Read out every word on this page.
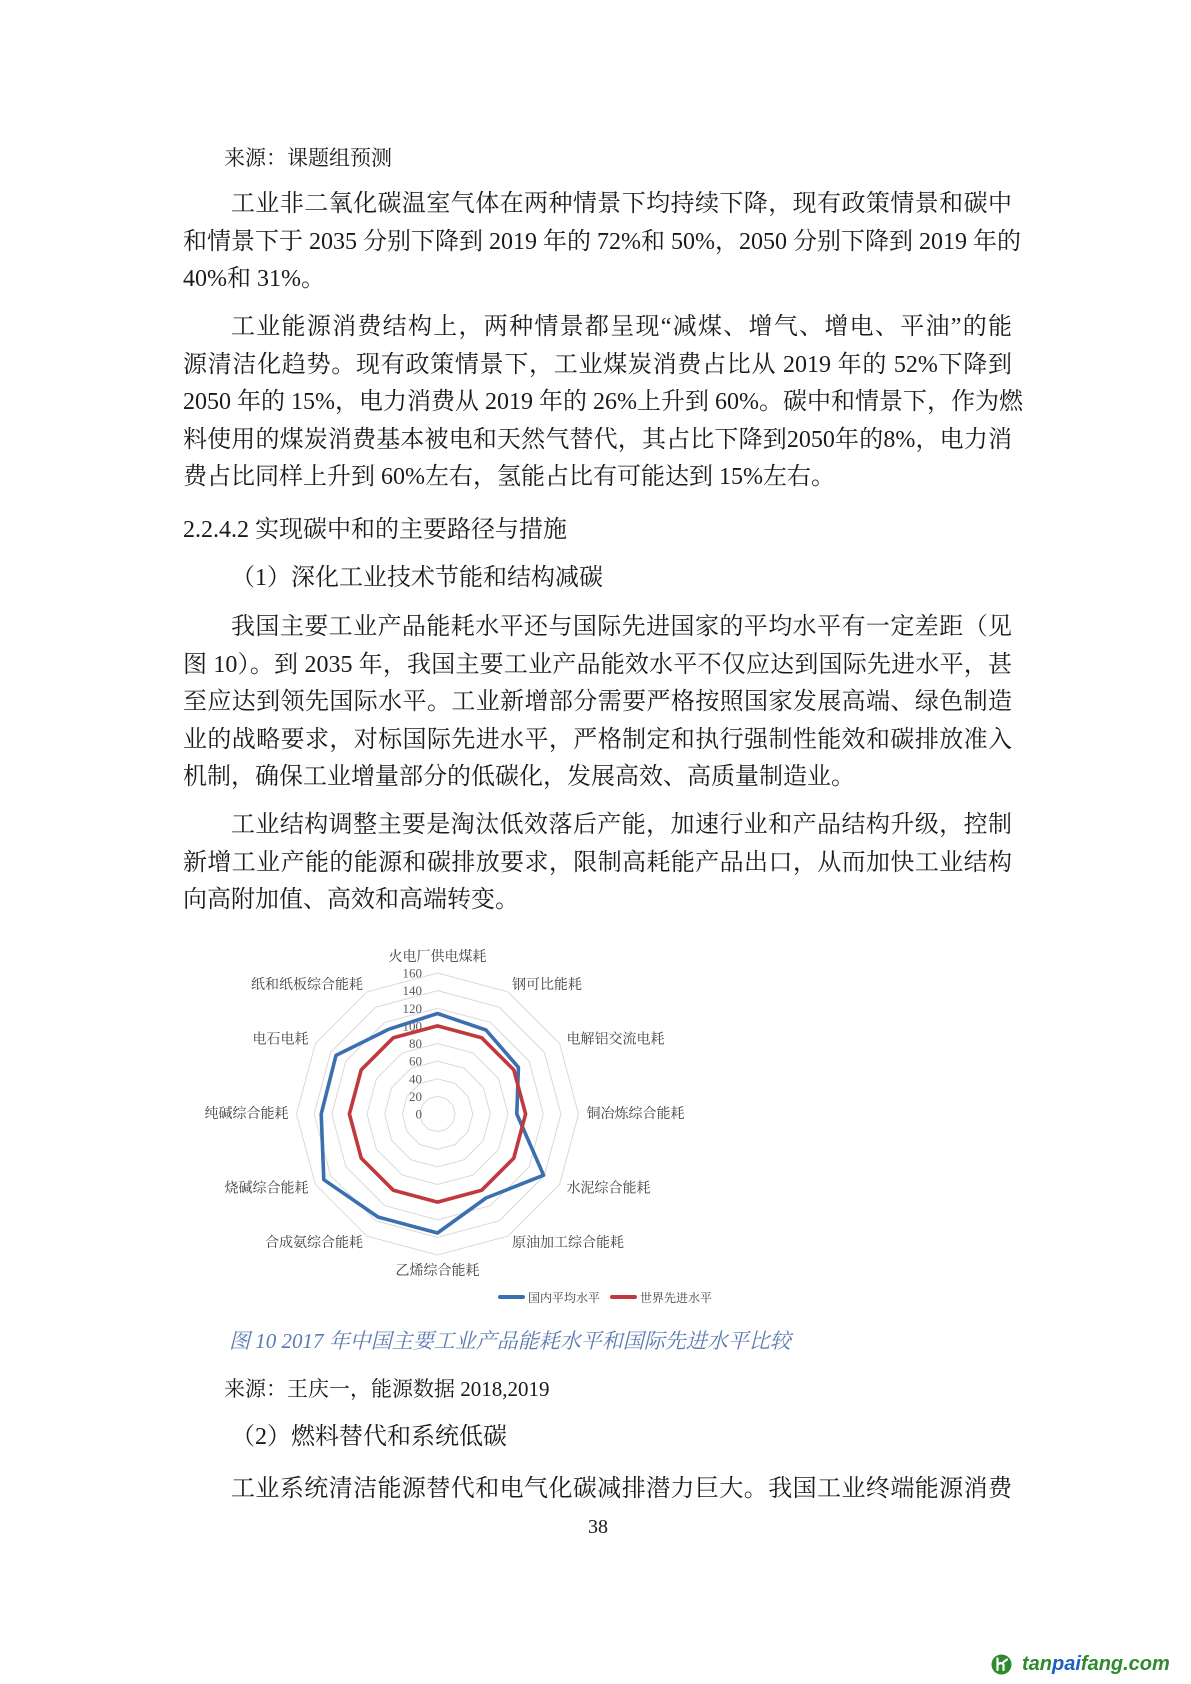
来源：课题组预测
工业非二氧化碳温室气体在两种情景下均持续下降，现有政策情景和碳中
和情景下于 2035 分别下降到 2019 年的 72%和 50%，2050 分别下降到 2019 年的
40%和 31%。
工业能源消费结构上，两种情景都呈现“减煤、增气、增电、平油”的能
源清洁化趋势。现有政策情景下，工业煤炭消费占比从 2019 年的 52%下降到
2050 年的 15%，电力消费从 2019 年的 26%上升到 60%。碳中和情景下，作为燃
料使用的煤炭消费基本被电和天然气替代，其占比下降到2050年的8%，电力消
费占比同样上升到 60%左右，氢能占比有可能达到 15%左右。
2.2.4.2 实现碳中和的主要路径与措施
（1）深化工业技术节能和结构减碳
我国主要工业产品能耗水平还与国际先进国家的平均水平有一定差距（见
图 10）。到 2035 年，我国主要工业产品能效水平不仅应达到国际先进水平，甚
至应达到领先国际水平。工业新增部分需要严格按照国家发展高端、绿色制造
业的战略要求，对标国际先进水平，严格制定和执行强制性能效和碳排放准入
机制，确保工业增量部分的低碳化，发展高效、高质量制造业。
工业结构调整主要是淘汰低效落后产能，加速行业和产品结构升级，控制
新增工业产能的能源和碳排放要求，限制高耗能产品出口，从而加快工业结构
向高附加值、高效和高端转变。
0
20
40
60
80
100
120
140
160
火电厂供电煤耗
钢可比能耗
电解铝交流电耗
铜冶炼综合能耗
水泥综合能耗
原油加工综合能耗
乙烯综合能耗
合成氨综合能耗
烧碱综合能耗
纯碱综合能耗
电石电耗
纸和纸板综合能耗
国内平均水平	世界先进水平
图 10 2017 年中国主要工业产品能耗水平和国际先进水平比较
来源：王庆一，能源数据 2018,2019
（2）燃料替代和系统低碳
工业系统清洁能源替代和电气化碳减排潜力巨大。我国工业终端能源消费
38
tan pai fang.com
